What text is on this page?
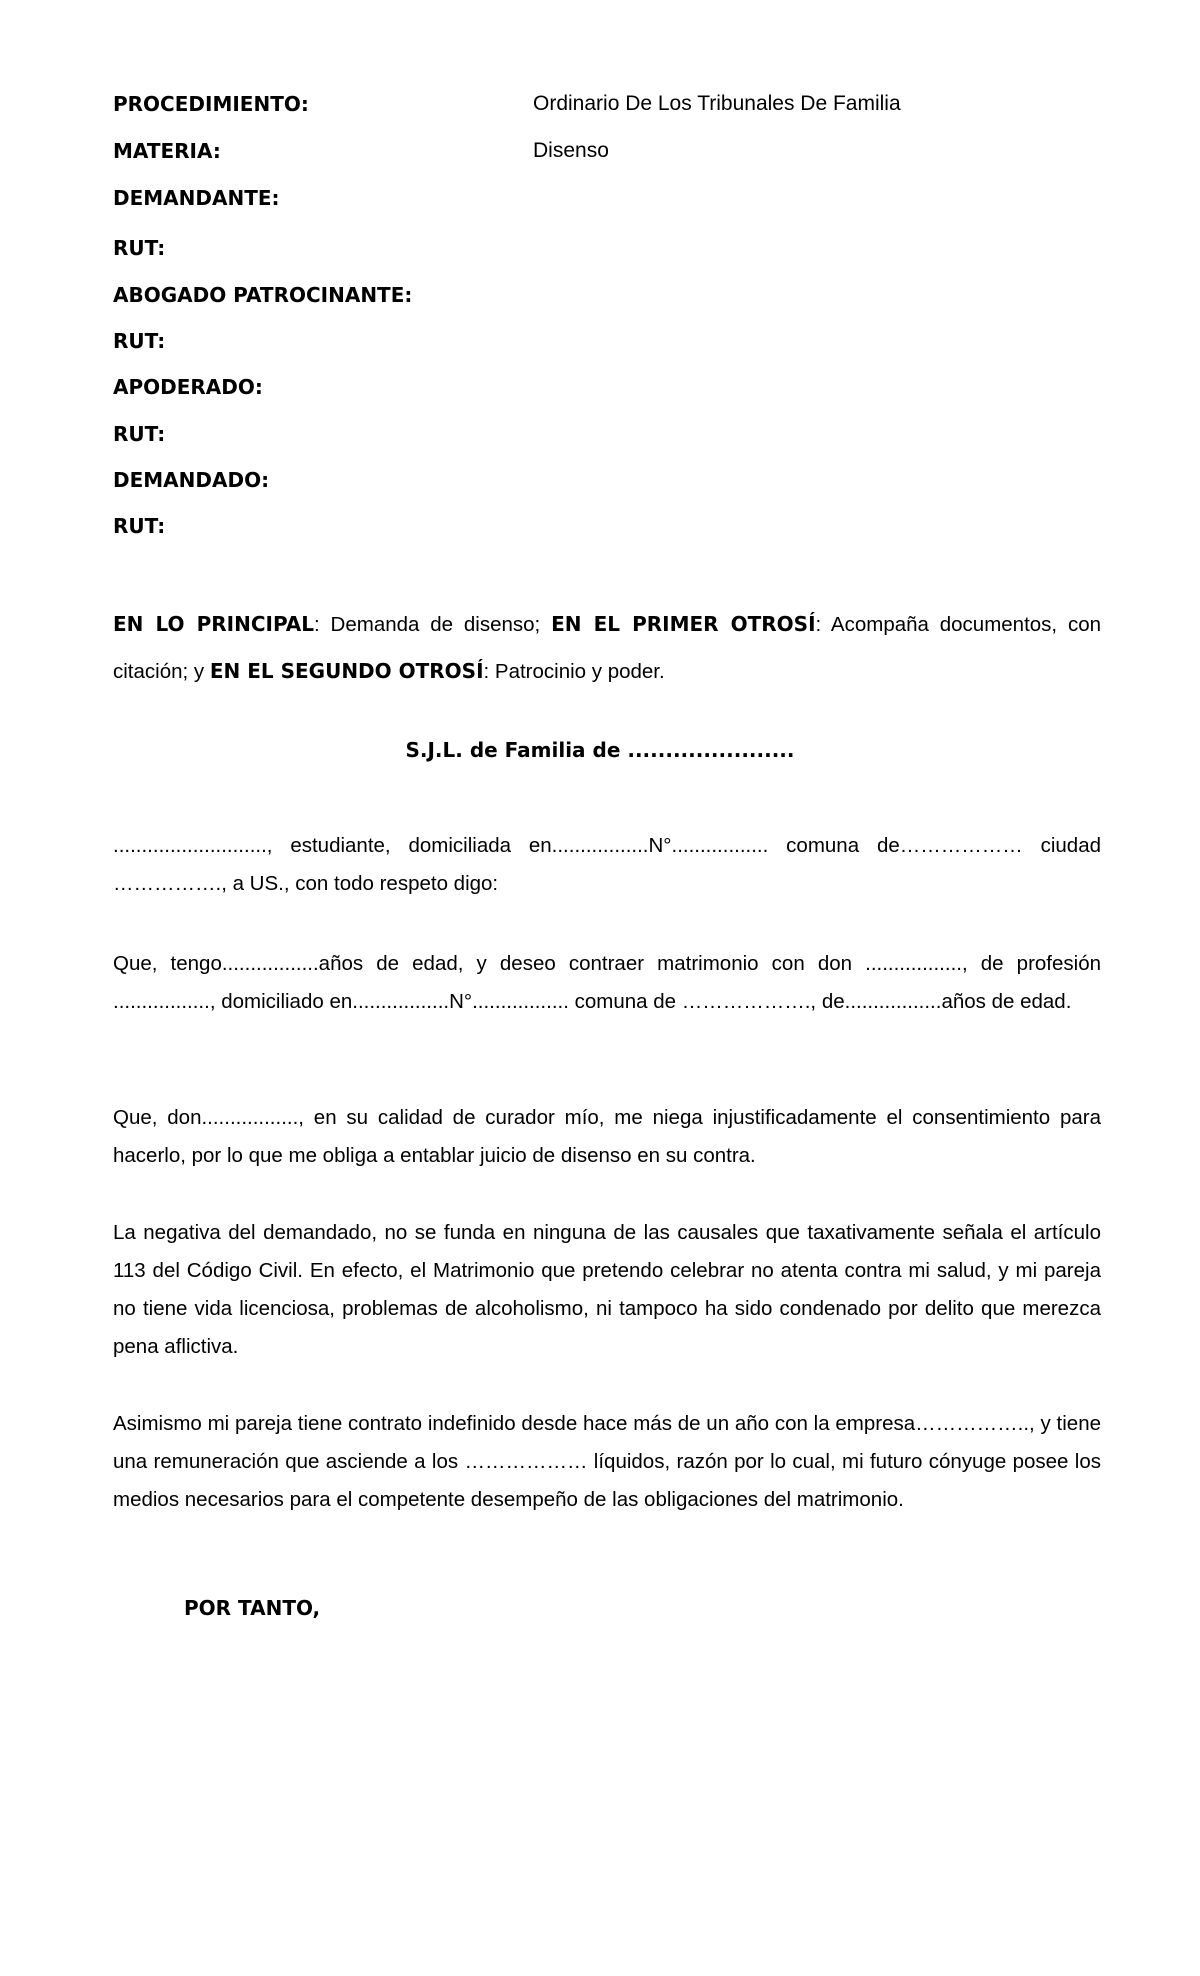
PROCEDIMIENTO:	Ordinario De Los Tribunales De Familia
MATERIA:	Disenso
DEMANDANTE:
RUT:
ABOGADO PATROCINANTE:
RUT:
APODERADO:
RUT:
DEMANDADO:
RUT:
EN LO PRINCIPAL: Demanda de disenso; EN EL PRIMER OTROSÍ: Acompaña documentos, con citación; y EN EL SEGUNDO OTROSÍ: Patrocinio y poder.
S.J.L. de Familia de ......................
..........................., estudiante, domiciliada en.................N°................. comuna de……………… ciudad ……………., a US., con todo respeto digo:
Que, tengo.................años de edad, y deseo contraer matrimonio con don ................., de profesión ................., domiciliado en.................N°................. comuna de ………………., de.................años de edad.
Que, don................., en su calidad de curador mío, me niega injustificadamente el consentimiento para hacerlo, por lo que me obliga a entablar juicio de disenso en su contra.
La negativa del demandado, no se funda en ninguna de las causales que taxativamente señala el artículo 113 del Código Civil. En efecto, el Matrimonio que pretendo celebrar no atenta contra mi salud, y mi pareja no tiene vida licenciosa, problemas de alcoholismo, ni tampoco ha sido condenado por delito que merezca pena aflictiva.
Asimismo mi pareja tiene contrato indefinido desde hace más de un año con la empresa…………….., y tiene una remuneración que asciende a los ……………… líquidos, razón por lo cual, mi futuro cónyuge posee los medios necesarios para el competente desempeño de las obligaciones del matrimonio.
POR TANTO,
